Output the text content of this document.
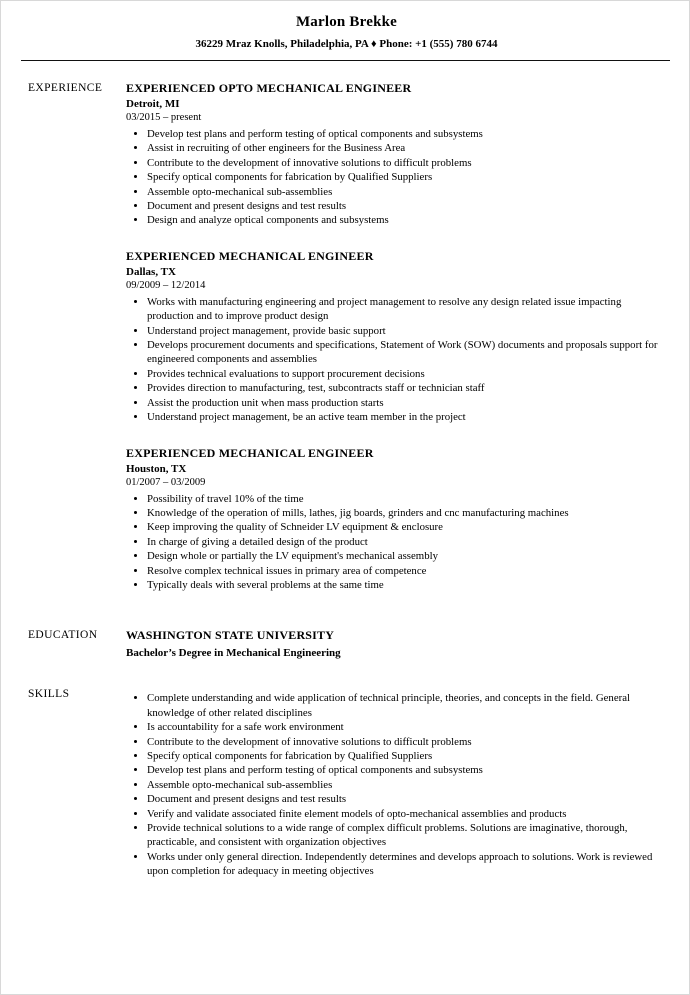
Marlon Brekke

36229 Mraz Knolls, Philadelphia, PA ♦ Phone: +1 (555) 780 6744

EXPERIENCE	EXPERIENCED OPTO MECHANICAL ENGINEER
Detroit, MI
03/2015 – present
• Develop test plans and perform testing of optical components and subsystems
• Assist in recruiting of other engineers for the Business Area
• Contribute to the development of innovative solutions to difficult problems
• Specify optical components for fabrication by Qualified Suppliers
• Assemble opto-mechanical sub-assemblies
• Document and present designs and test results
• Design and analyze optical components and subsystems
EXPERIENCED MECHANICAL ENGINEER
Dallas, TX
09/2009 – 12/2014
• Works with manufacturing engineering and project management to resolve any design related issue impacting production and to improve product design
• Understand project management, provide basic support
• Develops procurement documents and specifications, Statement of Work (SOW) documents and proposals support for engineered components and assemblies
• Provides technical evaluations to support procurement decisions
• Provides direction to manufacturing, test, subcontracts staff or technician staff
• Assist the production unit when mass production starts
• Understand project management, be an active team member in the project
EXPERIENCED MECHANICAL ENGINEER
Houston, TX
01/2007 – 03/2009
• Possibility of travel 10% of the time
• Knowledge of the operation of mills, lathes, jig boards, grinders and cnc manufacturing machines
• Keep improving the quality of Schneider LV equipment & enclosure
• In charge of giving a detailed design of the product
• Design whole or partially the LV equipment's mechanical assembly
• Resolve complex technical issues in primary area of competence
• Typically deals with several problems at the same time
EDUCATION	WASHINGTON STATE UNIVERSITY
Bachelor’s Degree in Mechanical Engineering
SKILLS	• Complete understanding and wide application of technical principle, theories, and concepts in the field. General knowledge of other related disciplines
• Is accountability for a safe work environment
• Contribute to the development of innovative solutions to difficult problems
• Specify optical components for fabrication by Qualified Suppliers
• Develop test plans and perform testing of optical components and subsystems
• Assemble opto-mechanical sub-assemblies
• Document and present designs and test results
• Verify and validate associated finite element models of opto-mechanical assemblies and products
• Provide technical solutions to a wide range of complex difficult problems. Solutions are imaginative, thorough, practicable, and consistent with organization objectives
• Works under only general direction. Independently determines and develops approach to solutions. Work is reviewed upon completion for adequacy in meeting objectives
